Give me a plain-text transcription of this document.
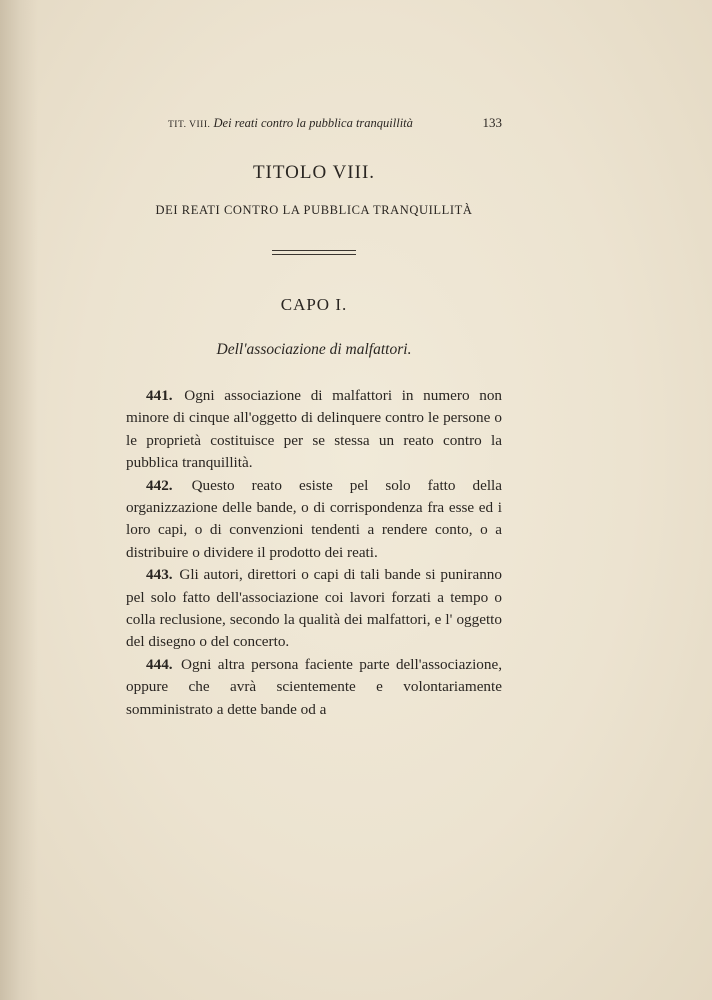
TIT. VIII. Dei reati contro la pubblica tranquillità	133
TITOLO VIII.
DEI REATI CONTRO LA PUBBLICA TRANQUILLITÀ
CAPO I.
Dell'associazione di malfattori.

441. Ogni associazione di malfattori in numero non minore di cinque all'oggetto di delinquere contro le persone o le proprietà costituisce per se stessa un reato contro la pubblica tranquillità.

442. Questo reato esiste pel solo fatto della organizzazione delle bande, o di corrispondenza fra esse ed i loro capi, o di convenzioni tendenti a rendere conto, o a distribuire o dividere il prodotto dei reati.

443. Gli autori, direttori o capi di tali bande si puniranno pel solo fatto dell'associazione coi lavori forzati a tempo o colla reclusione, secondo la qualità dei malfattori, e l' oggetto del disegno o del concerto.

444. Ogni altra persona faciente parte dell'associazione, oppure che avrà scientemente e volontariamente somministrato a dette bande od a
